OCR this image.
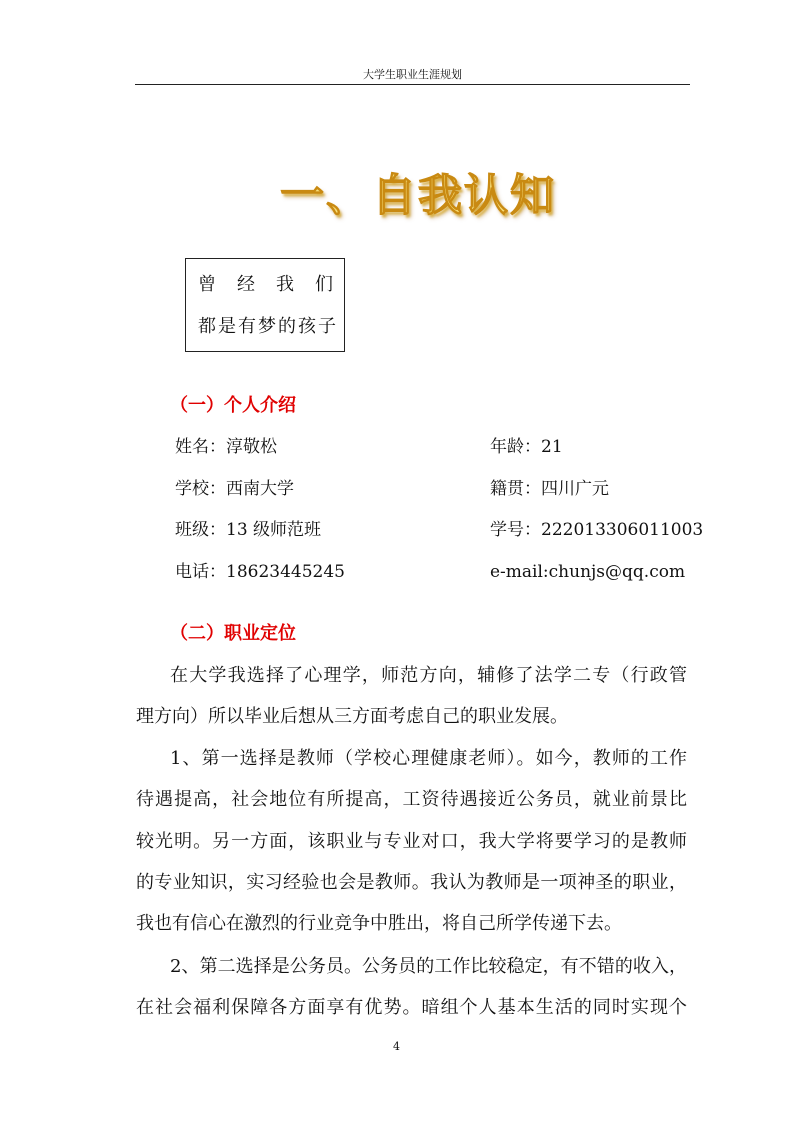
大学生职业生涯规划
一、自我认知
曾经我们
都是有梦的孩子
（一）个人介绍
姓名：淳敬松	年龄：21
学校：西南大学	籍贯：四川广元
班级：13 级师范班	学号：222013306011003
电话：18623445245	e-mail:chunjs@qq.com
（二）职业定位
在大学我选择了心理学，师范方向，辅修了法学二专（行政管
理方向）所以毕业后想从三方面考虑自己的职业发展。
1、第一选择是教师（学校心理健康老师）。如今，教师的工作
待遇提高，社会地位有所提高，工资待遇接近公务员，就业前景比
较光明。另一方面，该职业与专业对口，我大学将要学习的是教师
的专业知识，实习经验也会是教师。我认为教师是一项神圣的职业，
我也有信心在激烈的行业竞争中胜出，将自己所学传递下去。
2、第二选择是公务员。公务员的工作比较稳定，有不错的收入，
在社会福利保障各方面享有优势。暗组个人基本生活的同时实现个
4
